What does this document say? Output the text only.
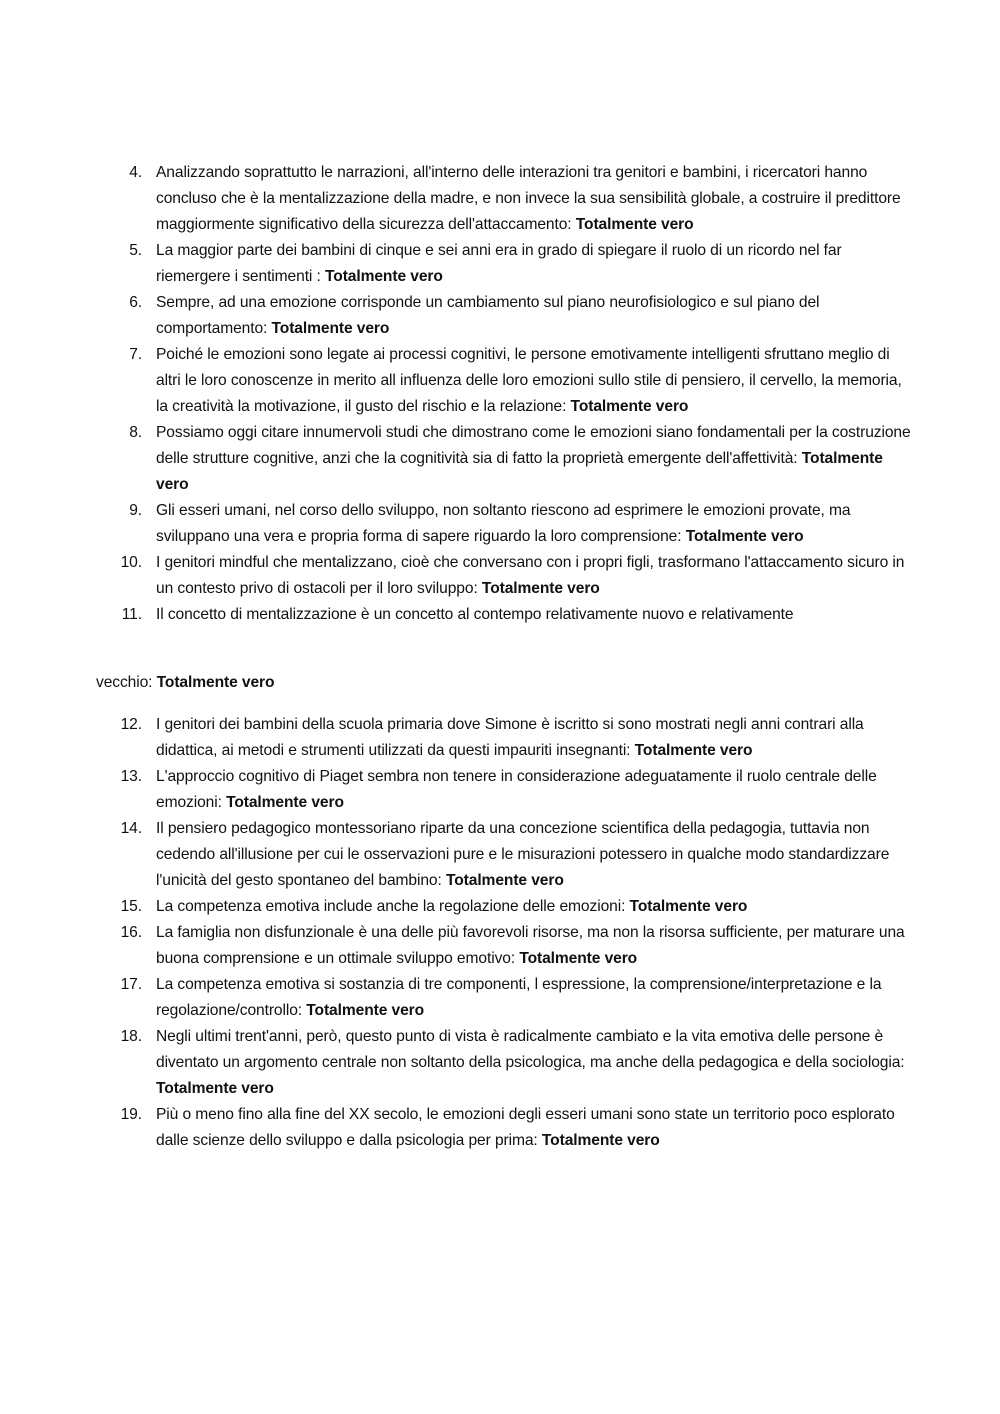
4. Analizzando soprattutto le narrazioni, all'interno delle interazioni tra genitori e bambini, i ricercatori hanno concluso che è la mentalizzazione della madre, e non invece la sua sensibilità globale, a costruire il predittore maggiormente significativo della sicurezza dell'attaccamento: Totalmente vero
5. La maggior parte dei bambini di cinque e sei anni era in grado di spiegare il ruolo di un ricordo nel far riemergere i sentimenti : Totalmente vero
6. Sempre, ad una emozione corrisponde un cambiamento sul piano neurofisiologico e sul piano del comportamento: Totalmente vero
7. Poiché le emozioni sono legate ai processi cognitivi, le persone emotivamente intelligenti sfruttano meglio di altri le loro conoscenze in merito all influenza delle loro emozioni sullo stile di pensiero, il cervello, la memoria, la creatività la motivazione, il gusto del rischio e la relazione: Totalmente vero
8. Possiamo oggi citare innumervoli studi che dimostrano come le emozioni siano fondamentali per la costruzione delle strutture cognitive, anzi che la cognitività sia di fatto la proprietà emergente dell'affettività: Totalmente vero
9. Gli esseri umani, nel corso dello sviluppo, non soltanto riescono ad esprimere le emozioni provate, ma sviluppano una vera e propria forma di sapere riguardo la loro comprensione: Totalmente vero
10. I genitori mindful che mentalizzano, cioè che conversano con i propri figli, trasformano l'attaccamento sicuro in un contesto privo di ostacoli per il loro sviluppo: Totalmente vero
11. Il concetto di mentalizzazione è un concetto al contempo relativamente nuovo e relativamente

vecchio: Totalmente vero

12. I genitori dei bambini della scuola primaria dove Simone è iscritto si sono mostrati negli anni contrari alla didattica, ai metodi e strumenti utilizzati da questi impauriti insegnanti: Totalmente vero
13. L'approccio cognitivo di Piaget sembra non tenere in considerazione adeguatamente il ruolo centrale delle emozioni: Totalmente vero
14. Il pensiero pedagogico montessoriano riparte da una concezione scientifica della pedagogia, tuttavia non cedendo all'illusione per cui le osservazioni pure e le misurazioni potessero in qualche modo standardizzare l'unicità del gesto spontaneo del bambino: Totalmente vero
15. La competenza emotiva include anche la regolazione delle emozioni: Totalmente vero
16. La famiglia non disfunzionale è una delle più favorevoli risorse, ma non la risorsa sufficiente, per maturare una buona comprensione e un ottimale sviluppo emotivo: Totalmente vero
17. La competenza emotiva si sostanzia di tre componenti, l espressione, la comprensione/interpretazione e la regolazione/controllo: Totalmente vero
18. Negli ultimi trent'anni, però, questo punto di vista è radicalmente cambiato e la vita emotiva delle persone è diventato un argomento centrale non soltanto della psicologica, ma anche della pedagogica e della sociologia: Totalmente vero
19. Più o meno fino alla fine del XX secolo, le emozioni degli esseri umani sono state un territorio poco esplorato dalle scienze dello sviluppo e dalla psicologia per prima: Totalmente vero
